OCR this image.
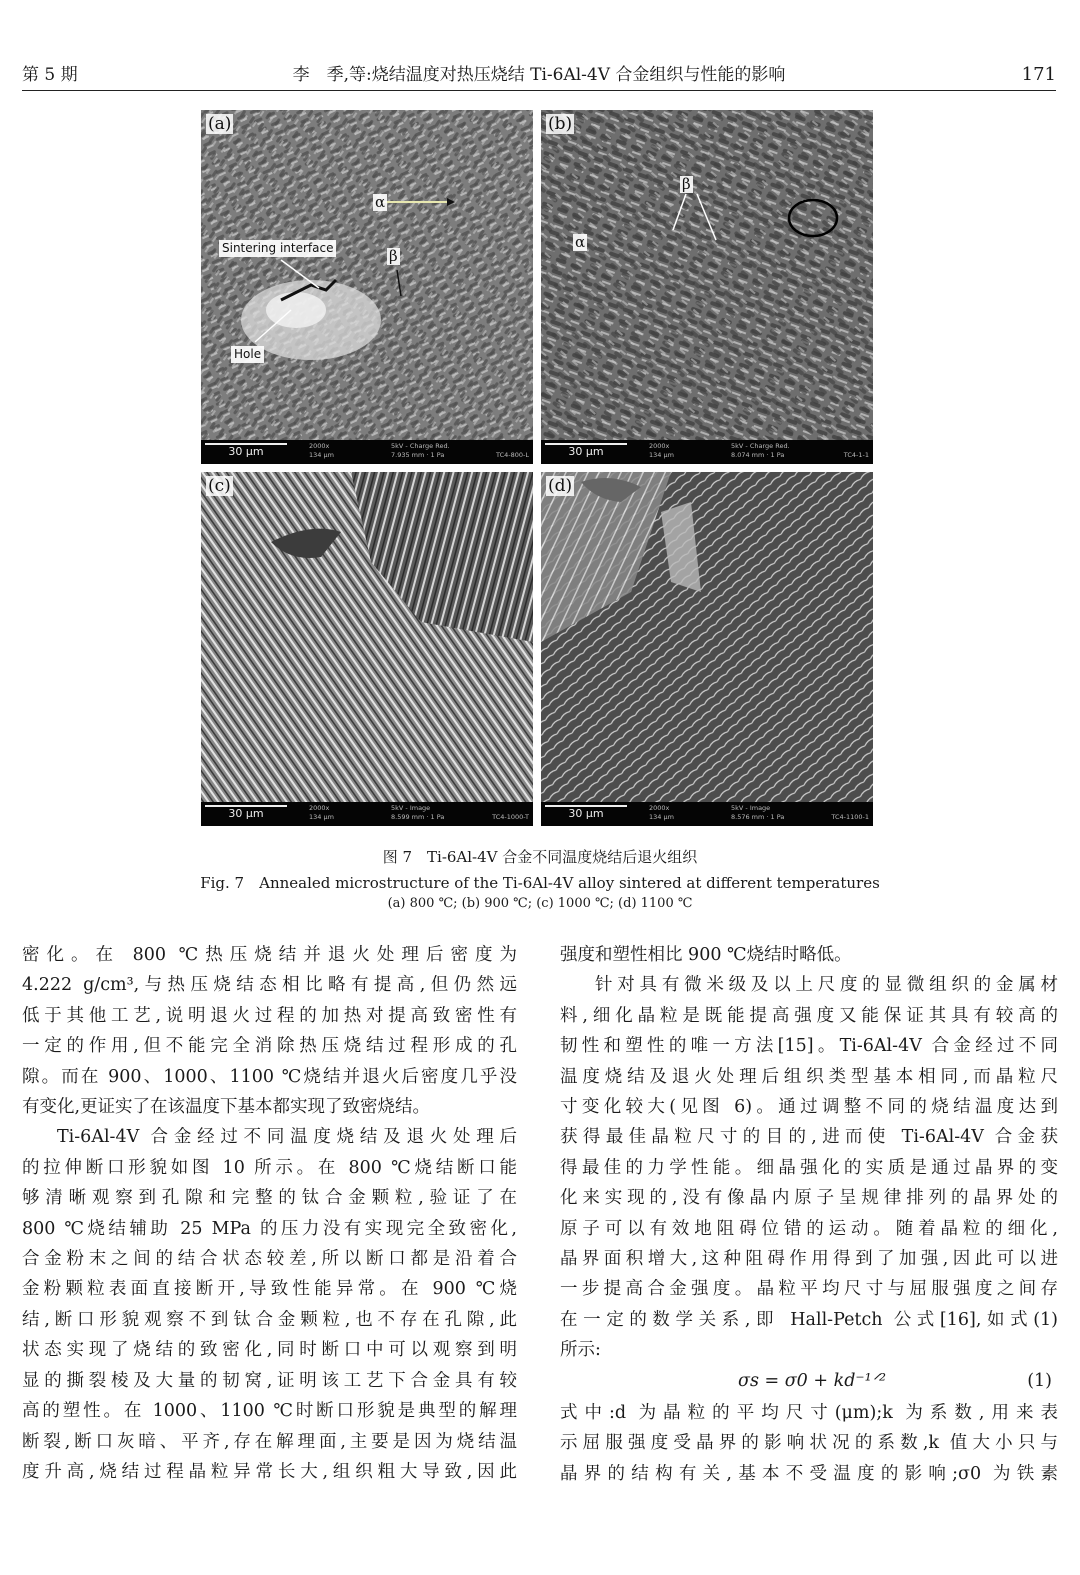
第 5 期	李　季,等:烧结温度对热压烧结 Ti-6Al-4V 合金组织与性能的影响	171
(a)
α
β
Sintering interface
Hole
30 μm	2000x	5kV - Charge Red.
134 μm	7.935 mm · 1 Pa	TC4-800-L
(b)
β
α
30 μm	2000x	5kV - Charge Red.
134 μm	8.074 mm · 1 Pa	TC4-1-1
(c)
30 μm	2000x	5kV - Image
134 μm	8.599 mm · 1 Pa	TC4-1000-T
(d)
30 μm	2000x	5kV - Image
134 μm	8.576 mm · 1 Pa	TC4-1100-1
图 7　Ti-6Al-4V 合金不同温度烧结后退火组织
Fig. 7　Annealed microstructure of the Ti-6Al-4V alloy sintered at different temperatures
(a) 800 ℃; (b) 900 ℃; (c) 1000 ℃; (d) 1100 ℃

密化。在 800 ℃热压烧结并退火处理后密度为

4.222 g/cm³,与热压烧结态相比略有提高,但仍然远

低于其他工艺,说明退火过程的加热对提高致密性有

一定的作用,但不能完全消除热压烧结过程形成的孔

隙。而在 900、1000、1100 ℃烧结并退火后密度几乎没

有变化,更证实了在该温度下基本都实现了致密烧结。

Ti-6Al-4V 合金经过不同温度烧结及退火处理后

的拉伸断口形貌如图 10 所示。在 800 ℃烧结断口能

够清晰观察到孔隙和完整的钛合金颗粒,验证了在

800 ℃烧结辅助 25 MPa 的压力没有实现完全致密化,

合金粉末之间的结合状态较差,所以断口都是沿着合

金粉颗粒表面直接断开,导致性能异常。在 900 ℃烧

结,断口形貌观察不到钛合金颗粒,也不存在孔隙,此

状态实现了烧结的致密化,同时断口中可以观察到明

显的撕裂棱及大量的韧窝,证明该工艺下合金具有较

高的塑性。在 1000、1100 ℃时断口形貌是典型的解理

断裂,断口灰暗、平齐,存在解理面,主要是因为烧结温

度升高,烧结过程晶粒异常长大,组织粗大导致,因此

强度和塑性相比 900 ℃烧结时略低。

针对具有微米级及以上尺度的显微组织的金属材

料,细化晶粒是既能提高强度又能保证其具有较高的

韧性和塑性的唯一方法[15]。Ti-6Al-4V 合金经过不同

温度烧结及退火处理后组织类型基本相同,而晶粒尺

寸变化较大(见图 6)。通过调整不同的烧结温度达到

获得最佳晶粒尺寸的目的,进而使 Ti-6Al-4V 合金获

得最佳的力学性能。细晶强化的实质是通过晶界的变

化来实现的,没有像晶内原子呈规律排列的晶界处的

原子可以有效地阻碍位错的运动。随着晶粒的细化,

晶界面积增大,这种阻碍作用得到了加强,因此可以进

一步提高合金强度。晶粒平均尺寸与屈服强度之间存

在一定的数学关系,即 Hall-Petch 公式[16],如式(1)

所示:

σs = σ0 + kd⁻¹ᐟ²	(1)

式中:d 为晶粒的平均尺寸(μm);k 为系数,用来表

示屈服强度受晶界的影响状况的系数,k 值大小只与

晶界的结构有关,基本不受温度的影响;σ0 为铁素
